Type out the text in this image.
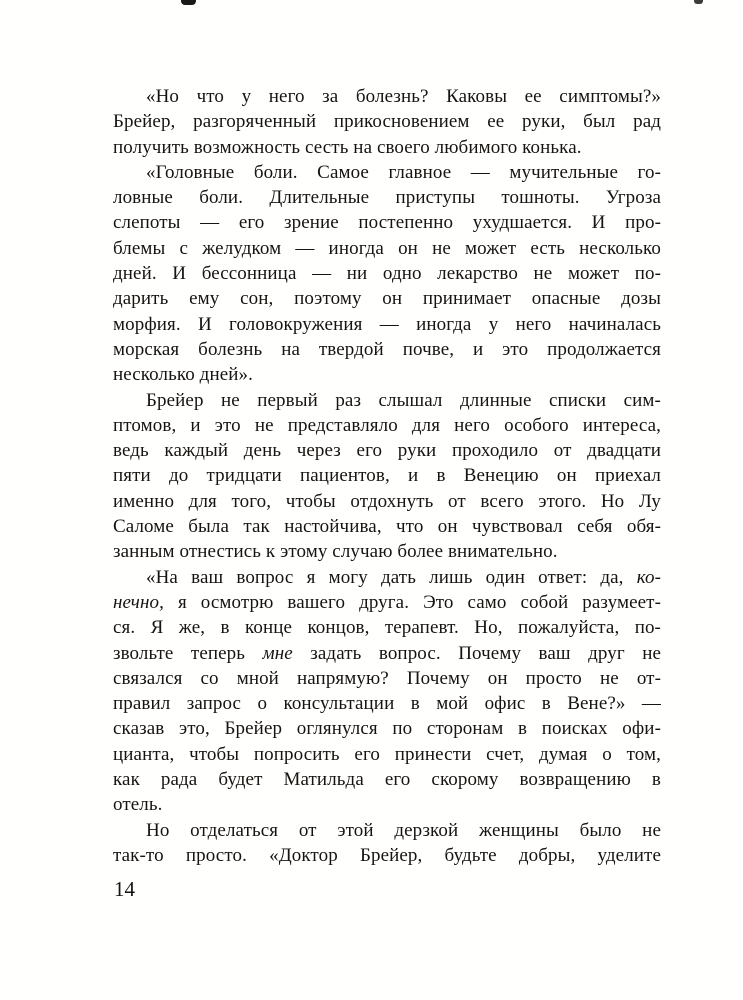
«Но что у него за болезнь? Каковы ее симптомы?»
Брейер, разгоряченный прикосновением ее руки, был рад
получить возможность сесть на своего любимого конька.
«Головные боли. Самое главное — мучительные го-
ловные боли. Длительные приступы тошноты. Угроза
слепоты — его зрение постепенно ухудшается. И про-
блемы с желудком — иногда он не может есть несколько
дней. И бессонница — ни одно лекарство не может по-
дарить ему сон, поэтому он принимает опасные дозы
морфия. И головокружения — иногда у него начиналась
морская болезнь на твердой почве, и это продолжается
несколько дней».
Брейер не первый раз слышал длинные списки сим-
птомов, и это не представляло для него особого интереса,
ведь каждый день через его руки проходило от двадцати
пяти до тридцати пациентов, и в Венецию он приехал
именно для того, чтобы отдохнуть от всего этого. Но Лу
Саломе была так настойчива, что он чувствовал себя обя-
занным отнестись к этому случаю более внимательно.
«На ваш вопрос я могу дать лишь один ответ: да, ко-
нечно, я осмотрю вашего друга. Это само собой разумеет-
ся. Я же, в конце концов, терапевт. Но, пожалуйста, по-
звольте теперь мне задать вопрос. Почему ваш друг не
связался со мной напрямую? Почему он просто не от-
правил запрос о консультации в мой офис в Вене?» —
сказав это, Брейер оглянулся по сторонам в поисках офи-
цианта, чтобы попросить его принести счет, думая о том,
как рада будет Матильда его скорому возвращению в
отель.
Но отделаться от этой дерзкой женщины было не
так-то просто. «Доктор Брейер, будьте добры, уделите
14
